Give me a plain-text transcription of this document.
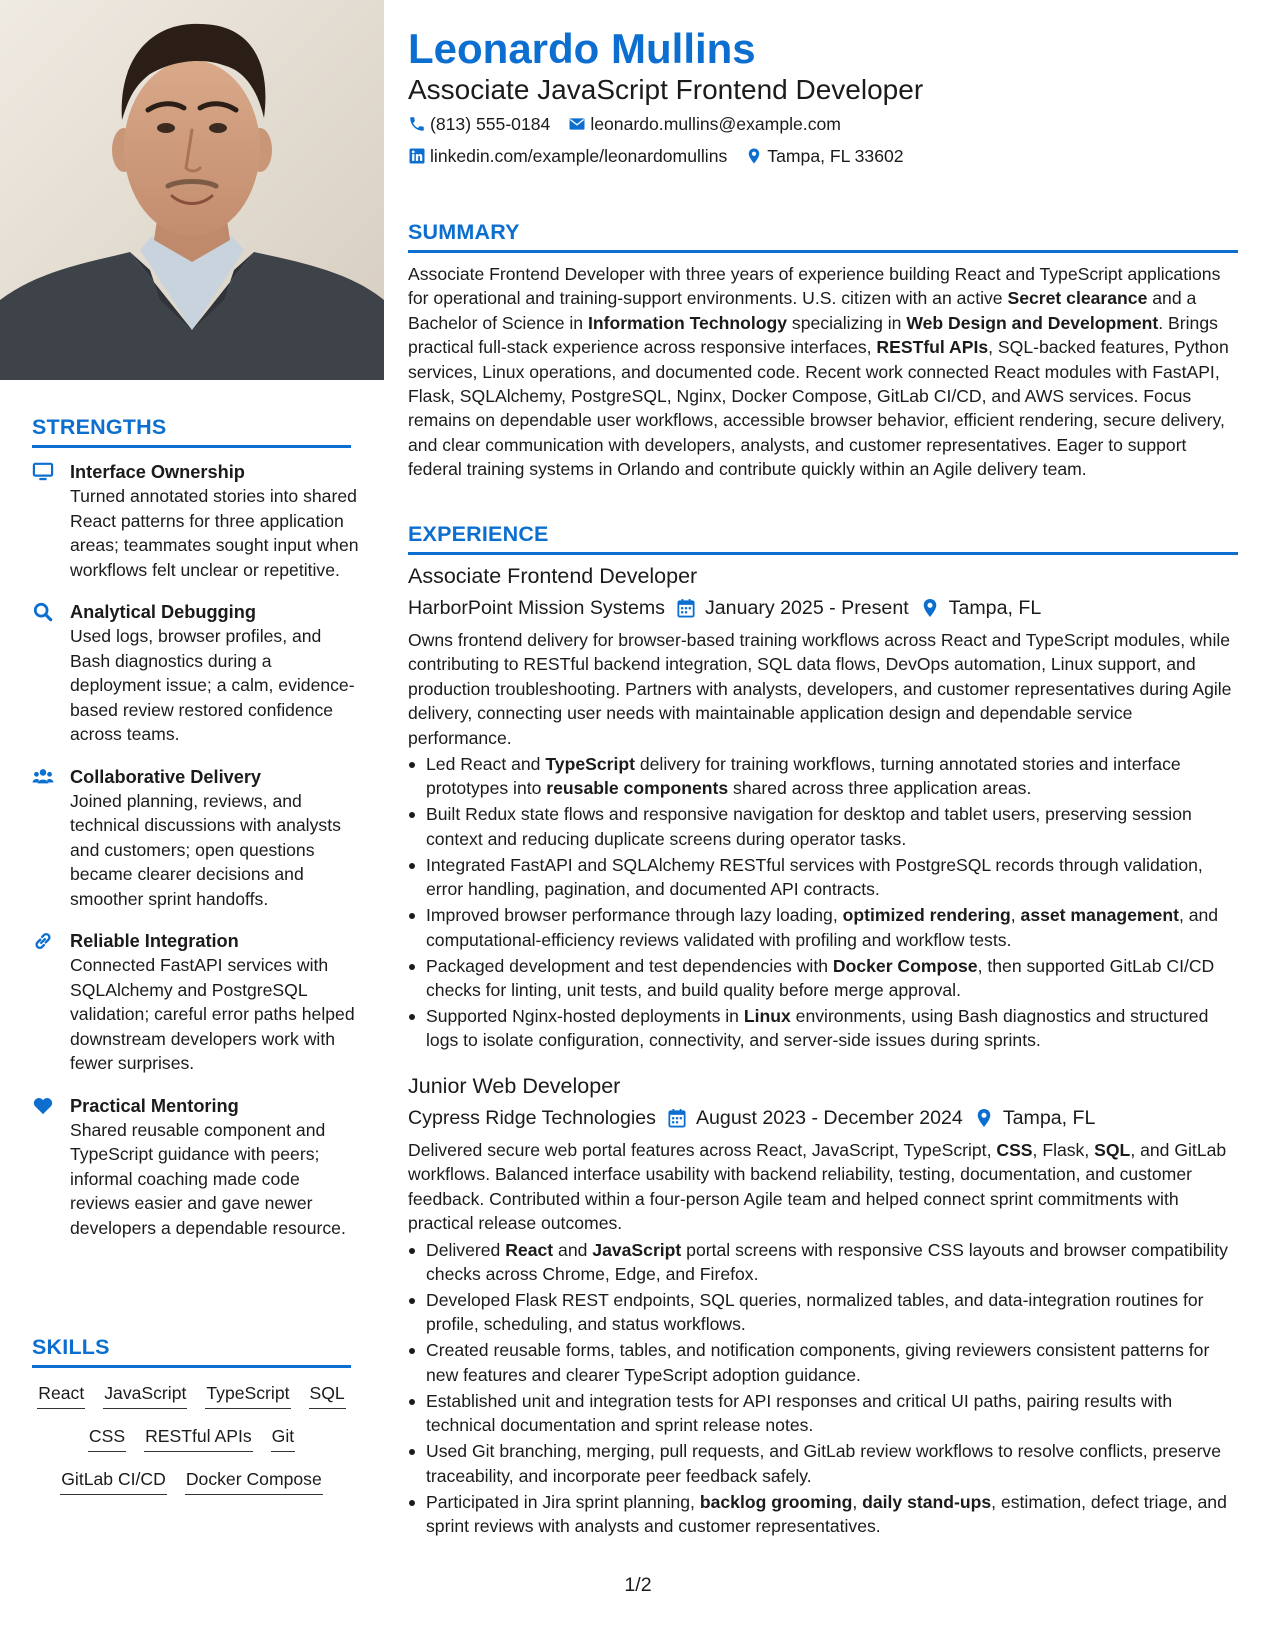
STRENGTHS
Interface Ownership
Turned annotated stories into shared React patterns for three application areas; teammates sought input when workflows felt unclear or repetitive.
Analytical Debugging
Used logs, browser profiles, and Bash diagnostics during a deployment issue; a calm, evidence-based review restored confidence across teams.
Collaborative Delivery
Joined planning, reviews, and technical discussions with analysts and customers; open questions became clearer decisions and smoother sprint handoffs.
Reliable Integration
Connected FastAPI services with SQLAlchemy and PostgreSQL validation; careful error paths helped downstream developers work with fewer surprises.
Practical Mentoring
Shared reusable component and TypeScript guidance with peers; informal coaching made code reviews easier and gave newer developers a dependable resource.
SKILLS
React JavaScript TypeScript SQL
CSS RESTful APIs Git
GitLab CI/CD Docker Compose
Leonardo Mullins
Associate JavaScript Frontend Developer
(813) 555-0184 leonardo.mullins@example.com
linkedin.com/example/leonardomullins Tampa, FL 33602
SUMMARY
Associate Frontend Developer with three years of experience building React and TypeScript applications for operational and training-support environments. U.S. citizen with an active Secret clearance and a Bachelor of Science in Information Technology specializing in Web Design and Development. Brings practical full-stack experience across responsive interfaces, RESTful APIs, SQL-backed features, Python services, Linux operations, and documented code. Recent work connected React modules with FastAPI, Flask, SQLAlchemy, PostgreSQL, Nginx, Docker Compose, GitLab CI/CD, and AWS services. Focus remains on dependable user workflows, accessible browser behavior, efficient rendering, secure delivery, and clear communication with developers, analysts, and customer representatives. Eager to support federal training systems in Orlando and contribute quickly within an Agile delivery team.
EXPERIENCE
Associate Frontend Developer
HarborPoint Mission Systems January 2025 - Present Tampa, FL
Owns frontend delivery for browser-based training workflows across React and TypeScript modules, while contributing to RESTful backend integration, SQL data flows, DevOps automation, Linux support, and production troubleshooting. Partners with analysts, developers, and customer representatives during Agile delivery, connecting user needs with maintainable application design and dependable service performance.
Led React and TypeScript delivery for training workflows, turning annotated stories and interface prototypes into reusable components shared across three application areas.
Built Redux state flows and responsive navigation for desktop and tablet users, preserving session context and reducing duplicate screens during operator tasks.
Integrated FastAPI and SQLAlchemy RESTful services with PostgreSQL records through validation, error handling, pagination, and documented API contracts.
Improved browser performance through lazy loading, optimized rendering, asset management, and computational-efficiency reviews validated with profiling and workflow tests.
Packaged development and test dependencies with Docker Compose, then supported GitLab CI/CD checks for linting, unit tests, and build quality before merge approval.
Supported Nginx-hosted deployments in Linux environments, using Bash diagnostics and structured logs to isolate configuration, connectivity, and server-side issues during sprints.
Junior Web Developer
Cypress Ridge Technologies August 2023 - December 2024 Tampa, FL
Delivered secure web portal features across React, JavaScript, TypeScript, CSS, Flask, SQL, and GitLab workflows. Balanced interface usability with backend reliability, testing, documentation, and customer feedback. Contributed within a four-person Agile team and helped connect sprint commitments with practical release outcomes.
Delivered React and JavaScript portal screens with responsive CSS layouts and browser compatibility checks across Chrome, Edge, and Firefox.
Developed Flask REST endpoints, SQL queries, normalized tables, and data-integration routines for profile, scheduling, and status workflows.
Created reusable forms, tables, and notification components, giving reviewers consistent patterns for new features and clearer TypeScript adoption guidance.
Established unit and integration tests for API responses and critical UI paths, pairing results with technical documentation and sprint release notes.
Used Git branching, merging, pull requests, and GitLab review workflows to resolve conflicts, preserve traceability, and incorporate peer feedback safely.
Participated in Jira sprint planning, backlog grooming, daily stand-ups, estimation, defect triage, and sprint reviews with analysts and customer representatives.
1/2
